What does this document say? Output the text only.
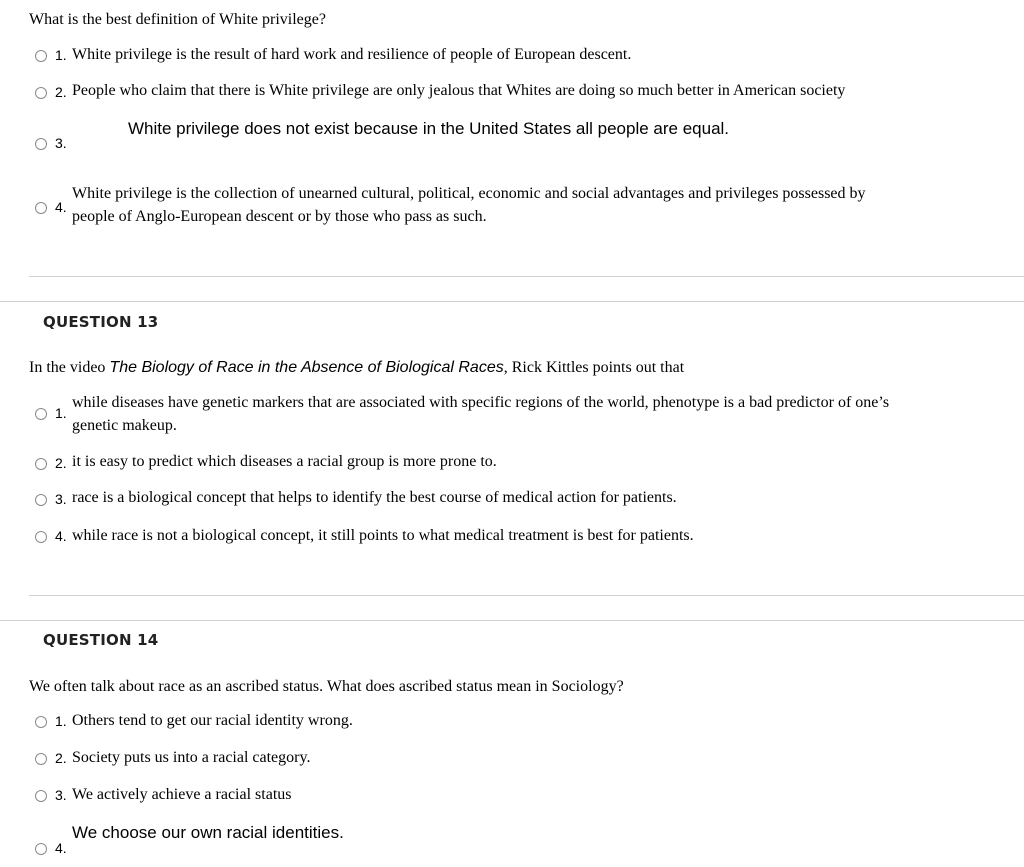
What is the best definition of White privilege?
1. White privilege is the result of hard work and resilience of people of European descent.
2. People who claim that there is White privilege are only jealous that Whites are doing so much better in American society
3.
White privilege does not exist because in the United States all people are equal.
4.
White privilege is the collection of unearned cultural, political, economic and social advantages and privileges possessed by
people of Anglo-European descent or by those who pass as such.
QUESTION 13
In the video The Biology of Race in the Absence of Biological Races, Rick Kittles points out that
1.
while diseases have genetic markers that are associated with specific regions of the world, phenotype is a bad predictor of one’s
genetic makeup.
2. it is easy to predict which diseases a racial group is more prone to.
3. race is a biological concept that helps to identify the best course of medical action for patients.
4. while race is not a biological concept, it still points to what medical treatment is best for patients.
QUESTION 14
We often talk about race as an ascribed status. What does ascribed status mean in Sociology?
1. Others tend to get our racial identity wrong.
2. Society puts us into a racial category.
3. We actively achieve a racial status
4.
We choose our own racial identities.
